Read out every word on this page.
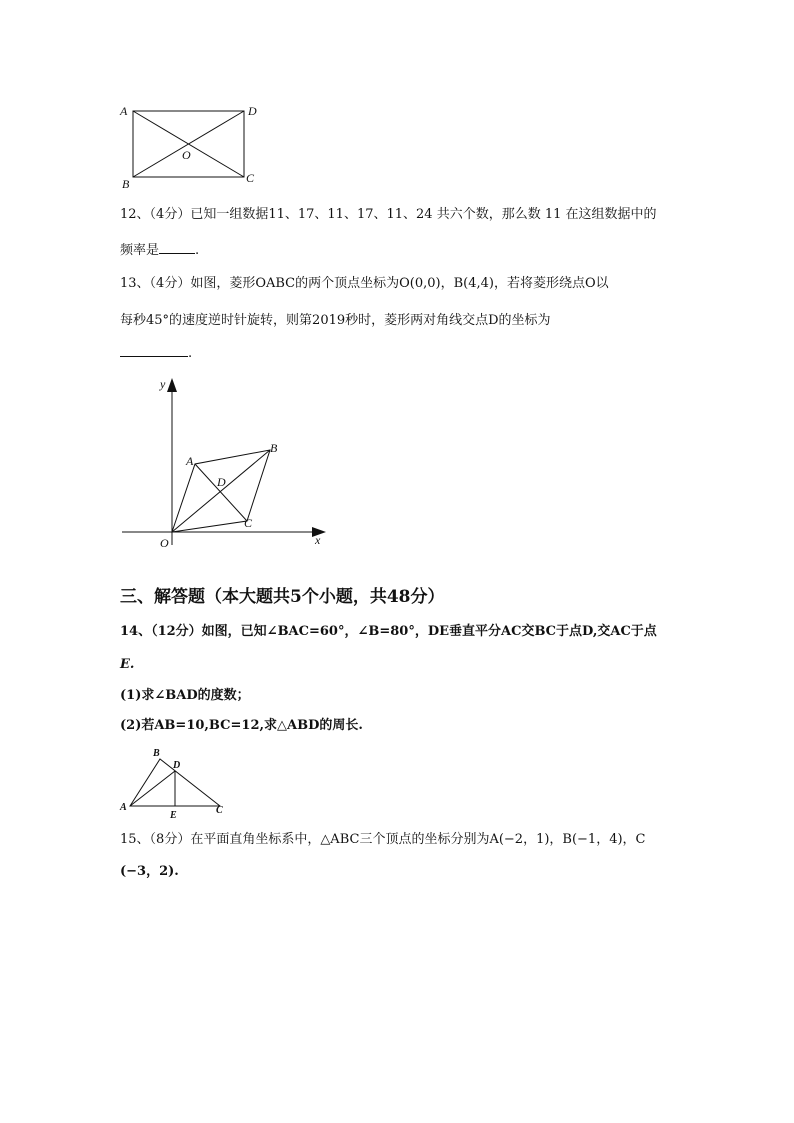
A	D
O
B	C
12、（4分）已知一组数据11、17、11、17、11、24 共六个数，那么数 11 在这组数据中的
频率是	.
13、（4分）如图，菱形OABC的两个顶点坐标为O(0,0)，B(4,4)，若将菱形绕点O以
每秒45°的速度逆时针旋转，则第2019秒时，菱形两对角线交点D的坐标为
.
y
x
O
A
B
C
D
三、解答题（本大题共5个小题，共48分）
14、（12分）如图，已知∠BAC=60°，∠B=80°，DE垂直平分AC交BC于点D,交AC于点
E.
(1)求∠BAD的度数；
(2)若AB=10,BC=12,求△ABD的周长.
B
D
A
E	C
15、（8分）在平面直角坐标系中，△ABC三个顶点的坐标分别为A(−2，1)，B(−1，4)，C
(−3，2).
